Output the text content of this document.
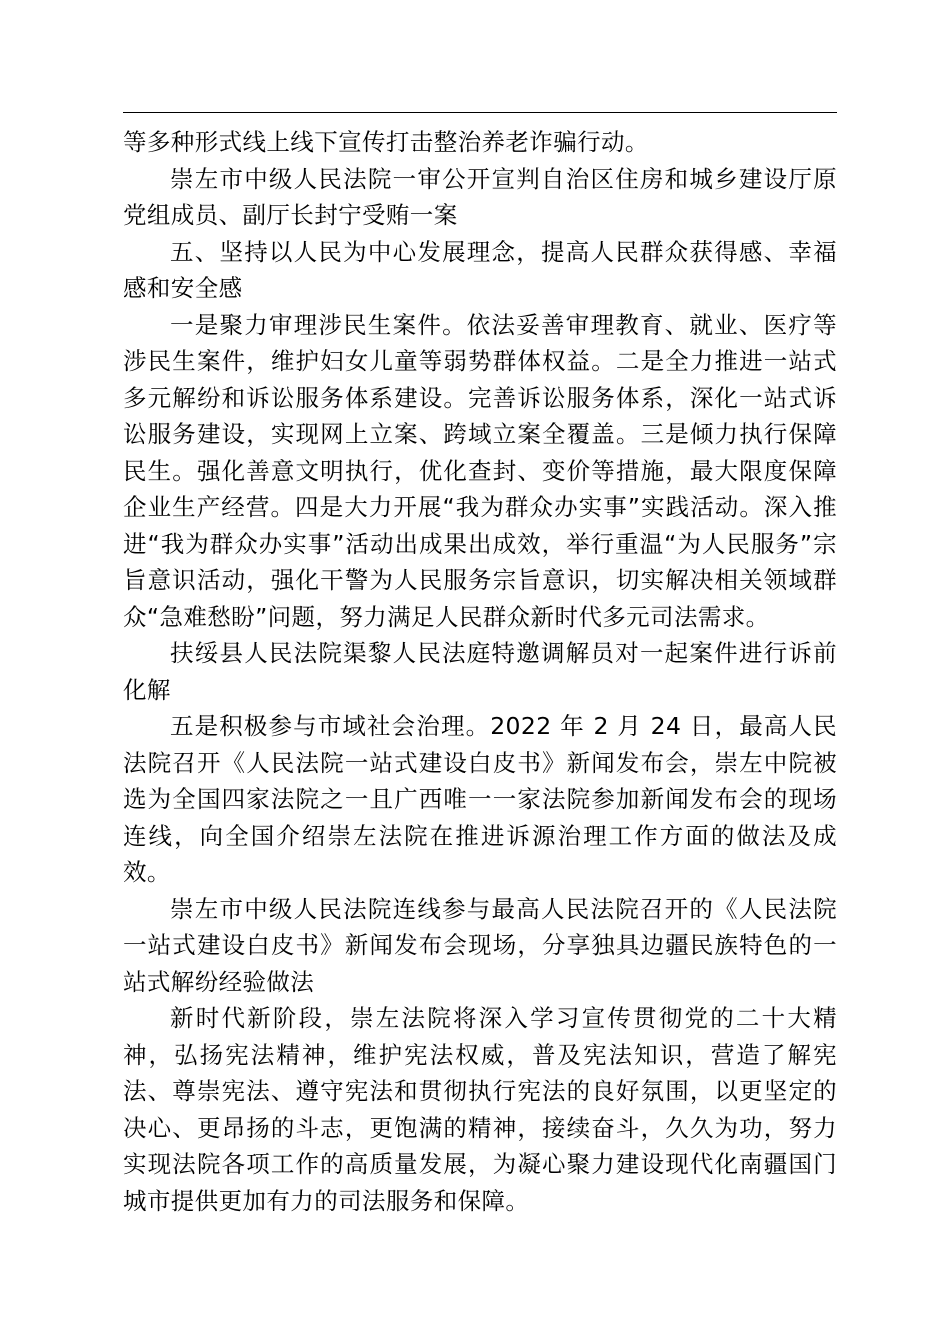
等多种形式线上线下宣传打击整治养老诈骗行动。

崇左市中级人民法院一审公开宣判自治区住房和城乡建设厅原党组成员、副厅长封宁受贿一案

五、坚持以人民为中心发展理念，提高人民群众获得感、幸福感和安全感

一是聚力审理涉民生案件。依法妥善审理教育、就业、医疗等涉民生案件，维护妇女儿童等弱势群体权益。二是全力推进一站式多元解纷和诉讼服务体系建设。完善诉讼服务体系，深化一站式诉讼服务建设，实现网上立案、跨域立案全覆盖。三是倾力执行保障民生。强化善意文明执行，优化查封、变价等措施，最大限度保障企业生产经营。四是大力开展“我为群众办实事”实践活动。深入推进“我为群众办实事”活动出成果出成效，举行重温“为人民服务”宗旨意识活动，强化干警为人民服务宗旨意识，切实解决相关领域群众“急难愁盼”问题，努力满足人民群众新时代多元司法需求。

扶绥县人民法院渠黎人民法庭特邀调解员对一起案件进行诉前化解

五是积极参与市域社会治理。2022 年 2 月 24 日，最高人民法院召开《人民法院一站式建设白皮书》新闻发布会，崇左中院被选为全国四家法院之一且广西唯一一家法院参加新闻发布会的现场连线，向全国介绍崇左法院在推进诉源治理工作方面的做法及成效。

崇左市中级人民法院连线参与最高人民法院召开的《人民法院一站式建设白皮书》新闻发布会现场，分享独具边疆民族特色的一站式解纷经验做法

新时代新阶段，崇左法院将深入学习宣传贯彻党的二十大精神，弘扬宪法精神，维护宪法权威，普及宪法知识，营造了解宪法、尊崇宪法、遵守宪法和贯彻执行宪法的良好氛围，以更坚定的决心、更昂扬的斗志，更饱满的精神，接续奋斗，久久为功，努力实现法院各项工作的高质量发展，为凝心聚力建设现代化南疆国门城市提供更加有力的司法服务和保障。
